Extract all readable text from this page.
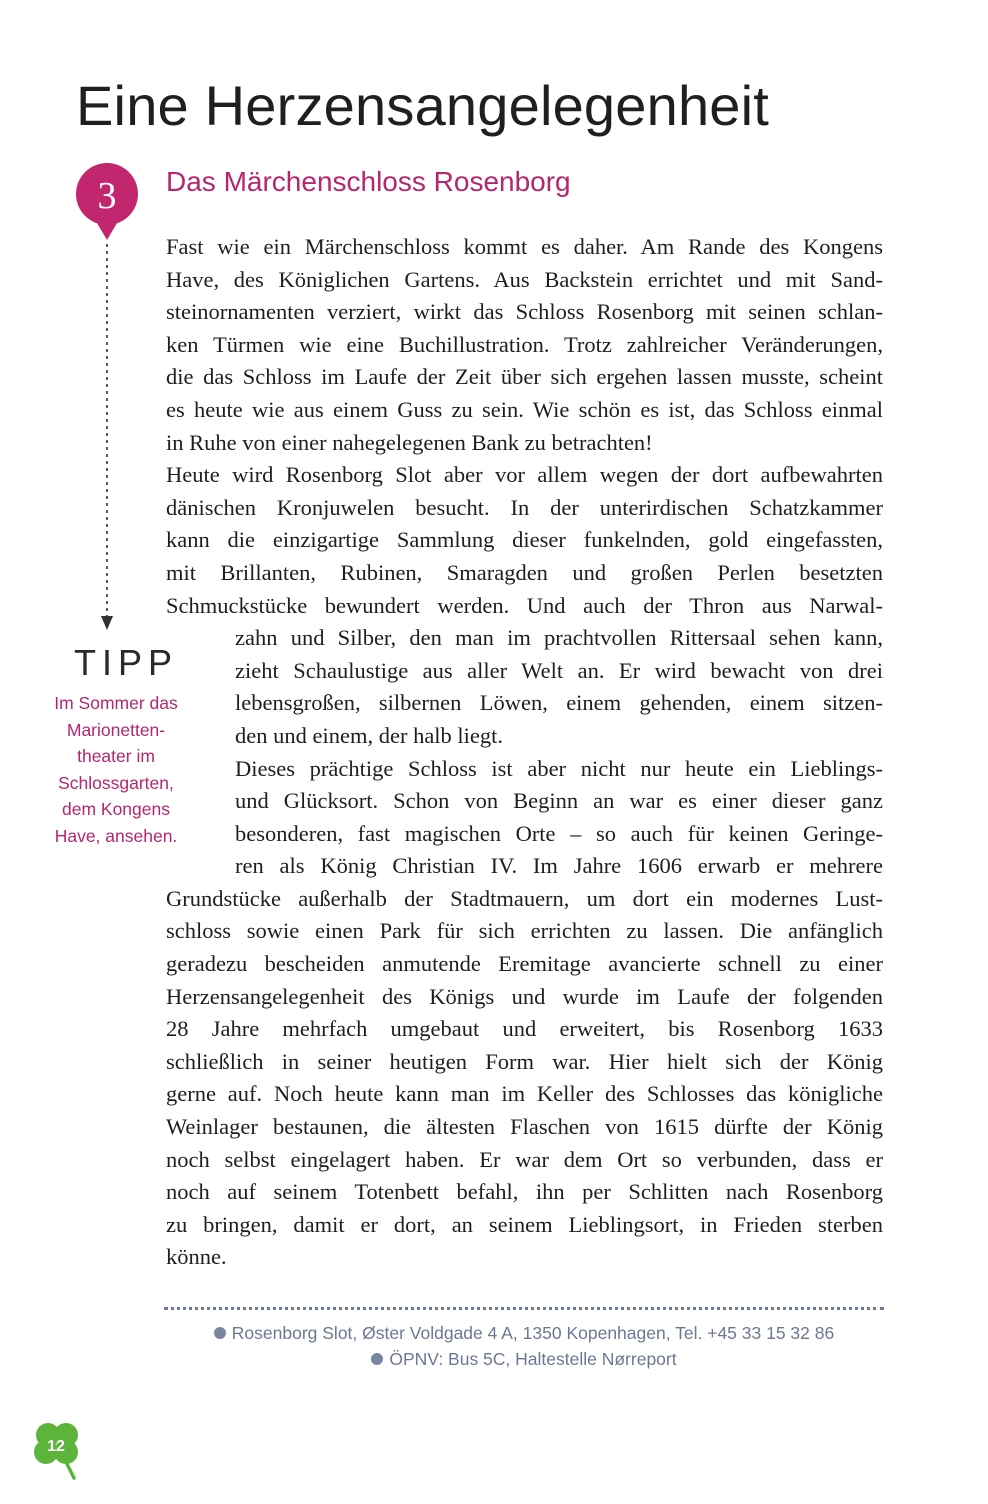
Eine Herzensangelegenheit
3 Das Märchenschloss Rosenborg
Fast wie ein Märchenschloss kommt es daher. Am Rande des Kongens
Have, des Königlichen Gartens. Aus Backstein errichtet und mit Sand-
steinornamenten verziert, wirkt das Schloss Rosenborg mit seinen schlan-
ken Türmen wie eine Buchillustration. Trotz zahlreicher Veränderungen,
die das Schloss im Laufe der Zeit über sich ergehen lassen musste, scheint
es heute wie aus einem Guss zu sein. Wie schön es ist, das Schloss einmal
in Ruhe von einer nahegelegenen Bank zu betrachten!
Heute wird Rosenborg Slot aber vor allem wegen der dort aufbewahrten
dänischen Kronjuwelen besucht. In der unterirdischen Schatzkammer
kann die einzigartige Sammlung dieser funkelnden, gold eingefassten,
mit Brillanten, Rubinen, Smaragden und großen Perlen besetzten
Schmuckstücke bewundert werden. Und auch der Thron aus Narwal-
zahn und Silber, den man im prachtvollen Rittersaal sehen kann,
zieht Schaulustige aus aller Welt an. Er wird bewacht von drei
lebensgroßen, silbernen Löwen, einem gehenden, einem sitzen-
den und einem, der halb liegt.
Dieses prächtige Schloss ist aber nicht nur heute ein Lieblings-
und Glücksort. Schon von Beginn an war es einer dieser ganz
besonderen, fast magischen Orte – so auch für keinen Geringe-
ren als König Christian IV. Im Jahre 1606 erwarb er mehrere
Grundstücke außerhalb der Stadtmauern, um dort ein modernes Lust-
schloss sowie einen Park für sich errichten zu lassen. Die anfänglich
geradezu bescheiden anmutende Eremitage avancierte schnell zu einer
Herzensangelegenheit des Königs und wurde im Laufe der folgenden
28 Jahre mehrfach umgebaut und erweitert, bis Rosenborg 1633
schließlich in seiner heutigen Form war. Hier hielt sich der König
gerne auf. Noch heute kann man im Keller des Schlosses das königliche
Weinlager bestaunen, die ältesten Flaschen von 1615 dürfte der König
noch selbst eingelagert haben. Er war dem Ort so verbunden, dass er
noch auf seinem Totenbett befahl, ihn per Schlitten nach Rosenborg
zu bringen, damit er dort, an seinem Lieblingsort, in Frieden sterben
könne.
TIPP
Im Sommer das
Marionetten-
theater im
Schlossgarten,
dem Kongens
Have, ansehen.
Rosenborg Slot, Øster Voldgade 4 A, 1350 Kopenhagen, Tel. +45 33 15 32 86
ÖPNV: Bus 5C, Haltestelle Nørreport
12
